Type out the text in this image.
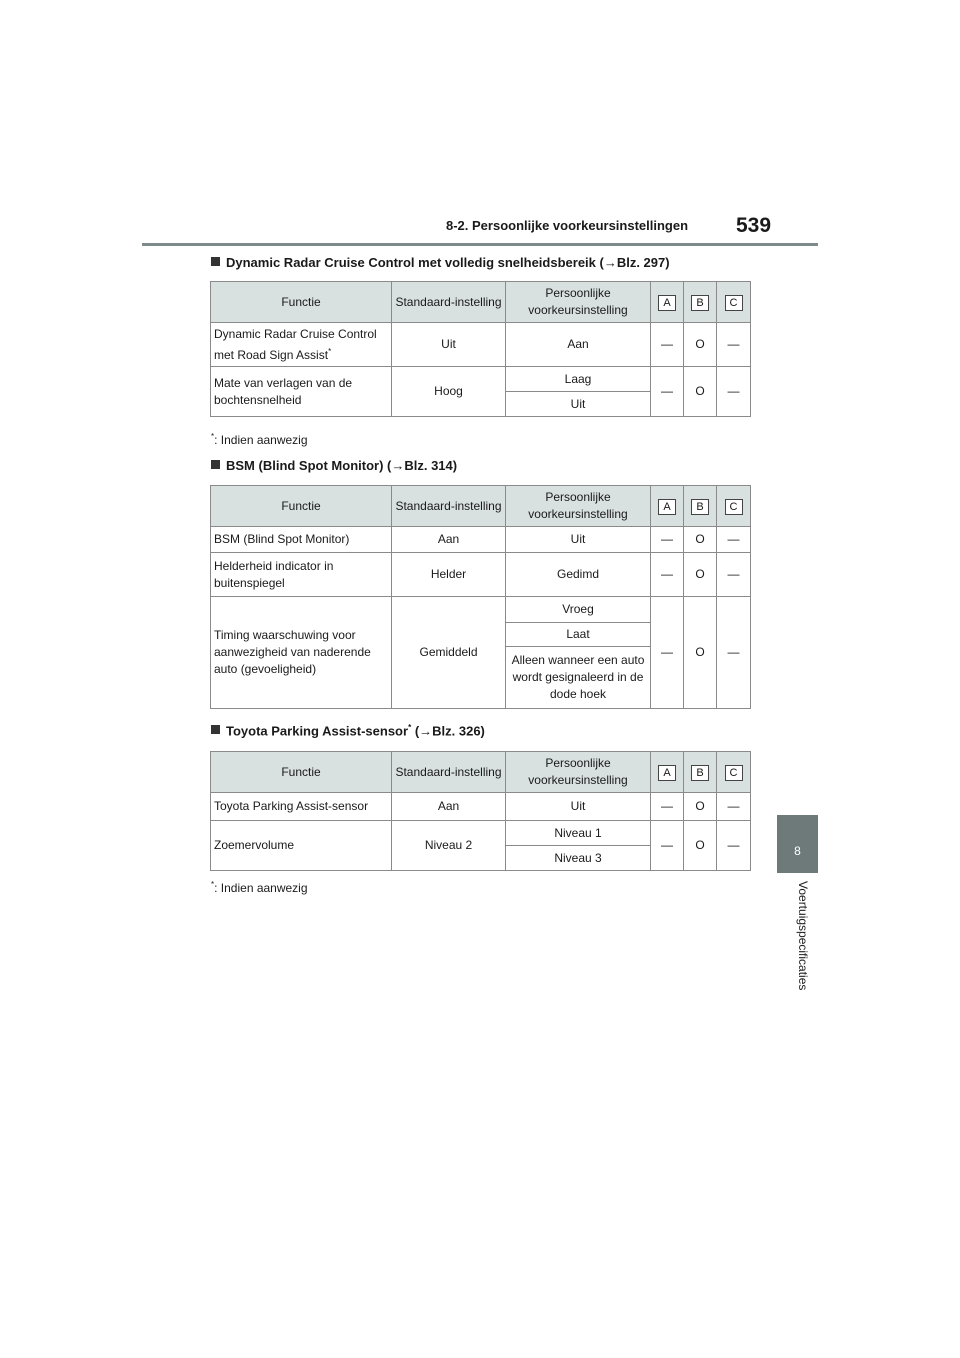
8-2. Persoonlijke voorkeursinstellingen 539
8
Voertuigspecificaties
Dynamic Radar Cruise Control met volledig snelheidsbereik (→Blz. 297)
Functie	Standaard-instelling	Persoonlijke voorkeursinstelling	A	B	C
Dynamic Radar Cruise Control met Road Sign Assist*	Uit	Aan	—	O	—
Mate van verlagen van de bochtensnelheid	Hoog	Laag	—	O	—
		Uit			
*: Indien aanwezig
BSM (Blind Spot Monitor) (→Blz. 314)
Functie	Standaard-instelling	Persoonlijke voorkeursinstelling	A	B	C
BSM (Blind Spot Monitor)	Aan	Uit	—	O	—
Helderheid indicator in buitenspiegel	Helder	Gedimd	—	O	—
Timing waarschuwing voor aanwezigheid van naderende auto (gevoeligheid)	Gemiddeld	Vroeg	—	O	—
		Laat			
		Alleen wanneer een auto wordt gesignaleerd in de dode hoek			
Toyota Parking Assist-sensor* (→Blz. 326)
Functie	Standaard-instelling	Persoonlijke voorkeursinstelling	A	B	C
Toyota Parking Assist-sensor	Aan	Uit	—	O	—
Zoemervolume	Niveau 2	Niveau 1	—	O	—
		Niveau 3			
*: Indien aanwezig
